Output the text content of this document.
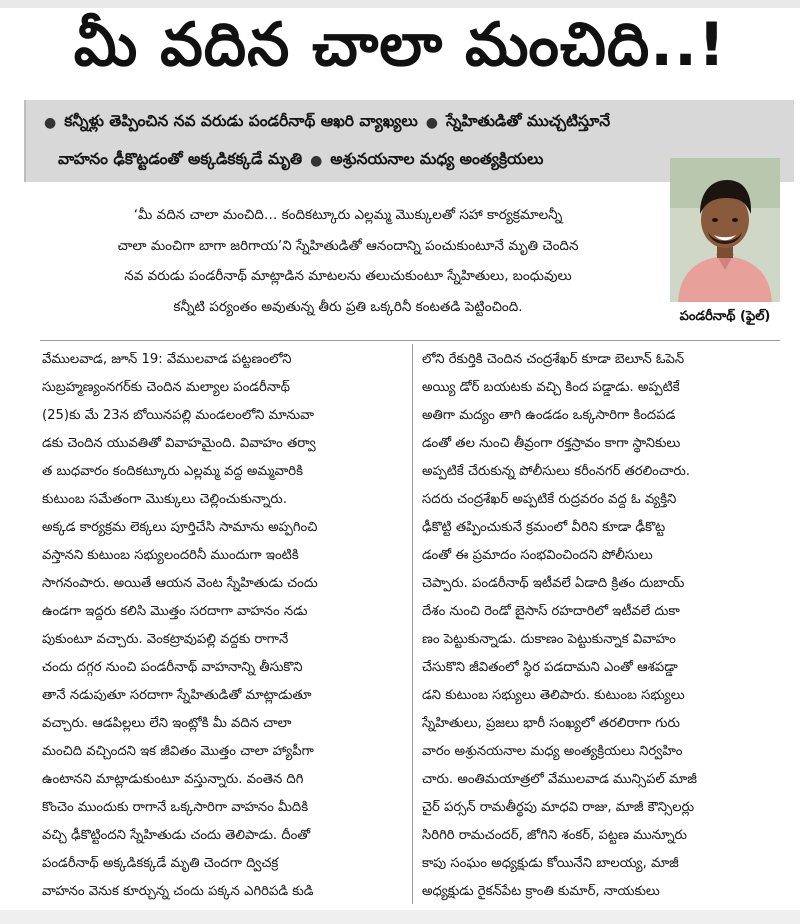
మీ వదిన చాలా మంచిది..!
● కన్నీళ్లు తెప్పించిన నవ వరుడు పండరీనాథ్ ఆఖరి వ్యాఖ్యలు ● స్నేహితుడితో ముచ్చటిస్తూనే
వాహనం ఢీకొట్టడంతో అక్కడికక్కడే మృతి ● అశ్రునయనాల మధ్య అంత్యక్రియలు

‘మీ వదిన చాలా మంచిది… కందికట్కూరు ఎల్లమ్మ మొక్కులతో సహా కార్యక్రమాలన్నీ

చాలా మంచిగా బాగా జరిగాయ’ని స్నేహితుడితో ఆనందాన్ని పంచుకుంటూనే మృతి చెందిన

నవ వరుడు పండరీనాథ్ మాట్లాడిన మాటలను తలుచుకుంటూ స్నేహితులు, బంధువులు

కన్నీటి పర్యంతం అవుతున్న తీరు ప్రతి ఒక్కరినీ కంటతడి పెట్టించింది.

పండరీనాథ్ (ఫైల్)

వేములవాడ, జూన్ 19: వేములవాడ పట్టణంలోని

సుబ్రహ్మణ్యంనగర్‌కు చెందిన మల్యాల పండరీనాథ్

(25)కు మే 23న బోయినపల్లి మండలంలోని మానువా

డకు చెందిన యువతితో వివాహమైంది. వివాహం తర్వా

త బుధవారం కందికట్కూరు ఎల్లమ్మ వద్ద అమ్మవారికి

కుటుంబ సమేతంగా మొక్కులు చెల్లించుకున్నారు.

అక్కడ కార్యక్రమ లెక్కలు పూర్తిచేసి సామాను అప్పగించి

వస్తానని కుటుంబ సభ్యులందరినీ ముందుగా ఇంటికి

సాగనంపారు. అయితే ఆయన వెంట స్నేహితుడు చందు

ఉండగా ఇద్దరు కలిసి మొత్తం సరదాగా వాహనం నడు

పుకుంటూ వచ్చారు. వెంకట్రావుపల్లి వద్దకు రాగానే

చందు దగ్గర నుంచి పండరీనాథ్ వాహనాన్ని తీసుకొని

తానే నడుపుతూ సరదాగా స్నేహితుడితో మాట్లాడుతూ

వచ్చారు. ఆడపిల్లలు లేని ఇంట్లోకి మీ వదిన చాలా

మంచిది వచ్చిందని ఇక జీవితం మొత్తం చాలా హ్యాపీగా

ఉంటానని మాట్లాడుకుంటూ వస్తున్నారు. వంతెన దిగి

కొంచెం ముందుకు రాగానే ఒక్కసారిగా వాహనం మీదికి

వచ్చి ఢీకొట్టిందని స్నేహితుడు చందు తెలిపాడు. దీంతో

పండరీనాథ్ అక్కడికక్కడే మృతి చెందగా ద్విచక్ర

వాహనం వెనుక కూర్చున్న చందు పక్కన ఎగిరిపడి కుడి

లోని రేకుర్తికి చెందిన చంద్రశేఖర్ కూడా బెలూన్ ఓపెన్

అయ్యి డోర్ బయటకు వచ్చి కింద పడ్డాడు. అప్పటికే

అతిగా మద్యం తాగి ఉండడం ఒక్కసారిగా కిందపడ

డంతో తల నుంచి తీవ్రంగా రక్తస్రావం కాగా స్థానికులు

అప్పటికే చేరుకున్న పోలీసులు కరీంనగర్ తరలించారు.

సదరు చంద్రశేఖర్ అప్పటికే రుద్రవరం వద్ద ఓ వ్యక్తిని

ఢీకొట్టి తప్పించుకునే క్రమంలో వీరిని కూడా ఢీకొట్ట

డంతో ఈ ప్రమాదం సంభవించిందని పోలీసులు

చెప్పారు. పండరీనాథ్ ఇటీవలే ఏడాది క్రితం దుబాయ్

దేశం నుంచి రెండో బైసాస్ రహదారిలో ఇటీవలే దుకా

ణం పెట్టుకున్నాడు. దుకాణం పెట్టుకున్నాక వివాహం

చేసుకొని జీవితంలో స్థిర పడదామని ఎంతో ఆశపడ్డా

డని కుటుంబ సభ్యులు తెలిపారు. కుటుంబ సభ్యులు

స్నేహితులు, ప్రజలు భారీ సంఖ్యలో తరలిరాగా గురు

వారం అశ్రునయనాల మధ్య అంత్యక్రియలు నిర్వహిం

చారు. అంతిమయాత్రలో వేములవాడ మున్సిపల్ మాజీ

చైర్ పర్సన్ రామతీర్థపు మాధవి రాజు, మాజీ కౌన్సిలర్లు

సిరిగిరి రామచందర్, జోగిని శంకర్, పట్టణ మున్నూరు

కాపు సంఘం అధ్యక్షుడు కోయినేని బాలయ్య, మాజీ

అధ్యక్షుడు రైకన్‌పేట క్రాంతి కుమార్, నాయకులు
